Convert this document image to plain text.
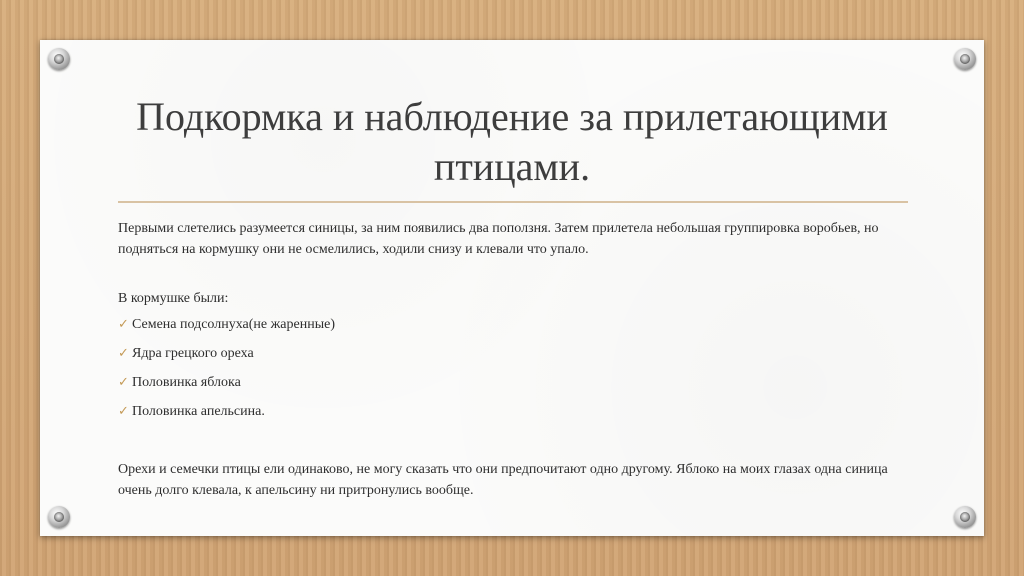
Подкормка и наблюдение за прилетающими птицами.

Первыми слетелись разумеется синицы, за ним появились два поползня. Затем прилетела небольшая группировка воробьев, но подняться на кормушку они не осмелились, ходили снизу и клевали что упало.

В кормушке были:

✓ Семена подсолнуха(не жаренные)
✓ Ядра грецкого ореха
✓ Половинка яблока
✓ Половинка апельсина.

Орехи и семечки птицы ели одинаково, не могу сказать что они предпочитают одно другому. Яблоко на моих глазах одна синица очень долго клевала, к апельсину ни притронулись вообще.
